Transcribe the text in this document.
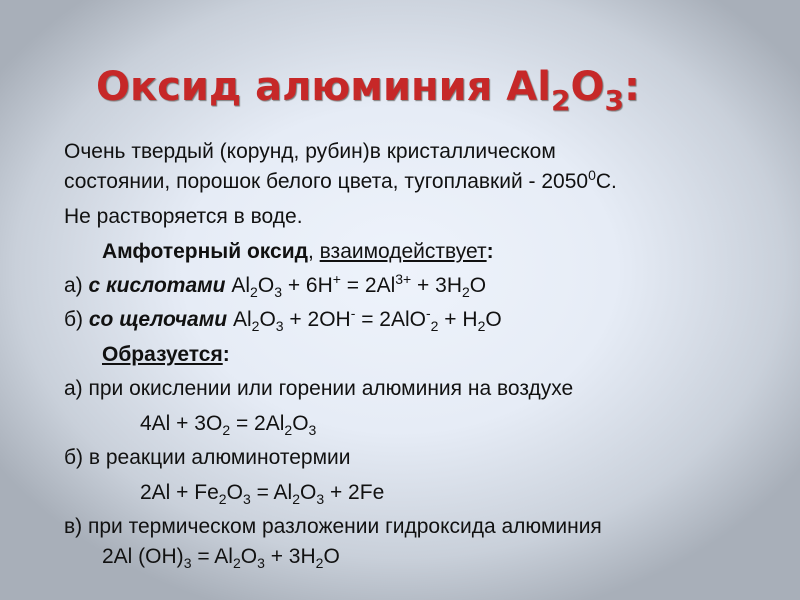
Оксид алюминия $Al_2O_3$:
Очень твердый (корунд, рубин)в кристаллическом
состоянии, порошок белого цвета, тугоплавкий - 2050$^0$С.
Не растворяется в воде.
Амфотерный оксид, взаимодействует:
а) с кислотами $Al_2O_3 + 6H^+ = 2Al^{3+} + 3H_2O$
б) со щелочами $Al_2O_3 + 2OH^- = 2AlO^-_2 + H_2O$
Образуется:
а) при окислении или горении алюминия на воздухе
$4Al + 3O_2 = 2Al_2O_3$
б) в реакции алюминотермии
$2Al + Fe_2O_3 = Al_2O_3 + 2Fe$
в) при термическом разложении гидроксида алюминия
2Al $(OH)_3 = Al_2O_3 + 3H_2O$
